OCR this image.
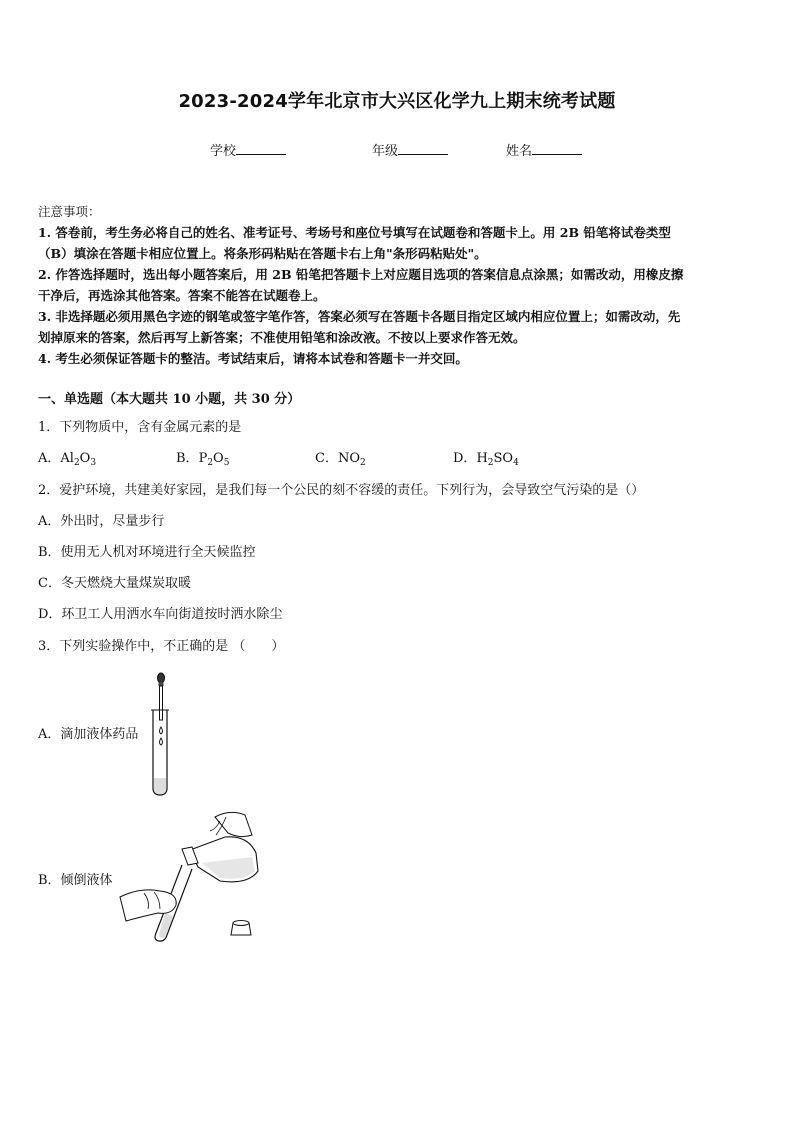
2023-2024学年北京市大兴区化学九上期末统考试题
学校	年级	姓名
注意事项：
1. 答卷前，考生务必将自己的姓名、准考证号、考场号和座位号填写在试题卷和答题卡上。用 2B 铅笔将试卷类型
（B）填涂在答题卡相应位置上。将条形码粘贴在答题卡右上角"条形码粘贴处"。
2. 作答选择题时，选出每小题答案后，用 2B 铅笔把答题卡上对应题目选项的答案信息点涂黑；如需改动，用橡皮擦
干净后，再选涂其他答案。答案不能答在试题卷上。
3. 非选择题必须用黑色字迹的钢笔或签字笔作答，答案必须写在答题卡各题目指定区域内相应位置上；如需改动，先
划掉原来的答案，然后再写上新答案；不准使用铅笔和涂改液。不按以上要求作答无效。
4. 考生必须保证答题卡的整洁。考试结束后，请将本试卷和答题卡一并交回。
一、单选题（本大题共 10 小题，共 30 分）
1．下列物质中，含有金属元素的是
A．$Al_2O_3$	B．$P_2O_5$	C．$NO_2$	D．$H_2SO_4$
2．爱护环境，共建美好家园，是我们每一个公民的刻不容缓的责任。下列行为，会导致空气污染的是（）
A．外出时，尽量步行
B．使用无人机对环境进行全天候监控
C．冬天燃烧大量煤炭取暖
D．环卫工人用洒水车向街道按时洒水除尘
3．下列实验操作中，不正确的是 （　　）
A．滴加液体药品
B．倾倒液体
